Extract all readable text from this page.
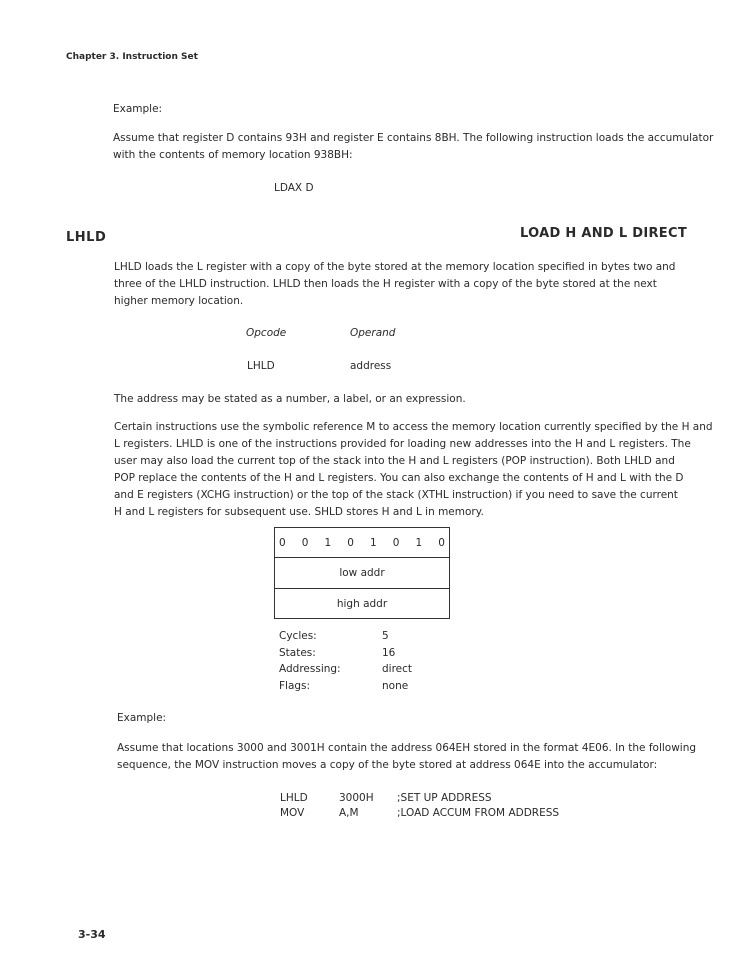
Chapter 3. Instruction Set
Example:
Assume that register D contains 93H and register E contains 8BH. The following instruction loads the accumulator
with the contents of memory location 938BH:
LDAX D
LHLD	LOAD H AND L DIRECT
LHLD loads the L register with a copy of the byte stored at the memory location specified in bytes two and
three of the LHLD instruction. LHLD then loads the H register with a copy of the byte stored at the next
higher memory location.
Opcode	Operand
LHLD	address
The address may be stated as a number, a label, or an expression.
Certain instructions use the symbolic reference M to access the memory location currently specified by the H and
L registers. LHLD is one of the instructions provided for loading new addresses into the H and L registers. The
user may also load the current top of the stack into the H and L registers (POP instruction). Both LHLD and
POP replace the contents of the H and L registers. You can also exchange the contents of H and L with the D
and E registers (XCHG instruction) or the top of the stack (XTHL instruction) if you need to save the current
H and L registers for subsequent use. SHLD stores H and L in memory.
0 0 1 0 1 0 1 0
low addr
high addr
Cycles:	5
States:	16
Addressing:	direct
Flags:	none
Example:
Assume that locations 3000 and 3001H contain the address 064EH stored in the format 4E06. In the following
sequence, the MOV instruction moves a copy of the byte stored at address 064E into the accumulator:
LHLD	3000H ;SET UP ADDRESS
MOV	A,M	;LOAD ACCUM FROM ADDRESS
3-34
